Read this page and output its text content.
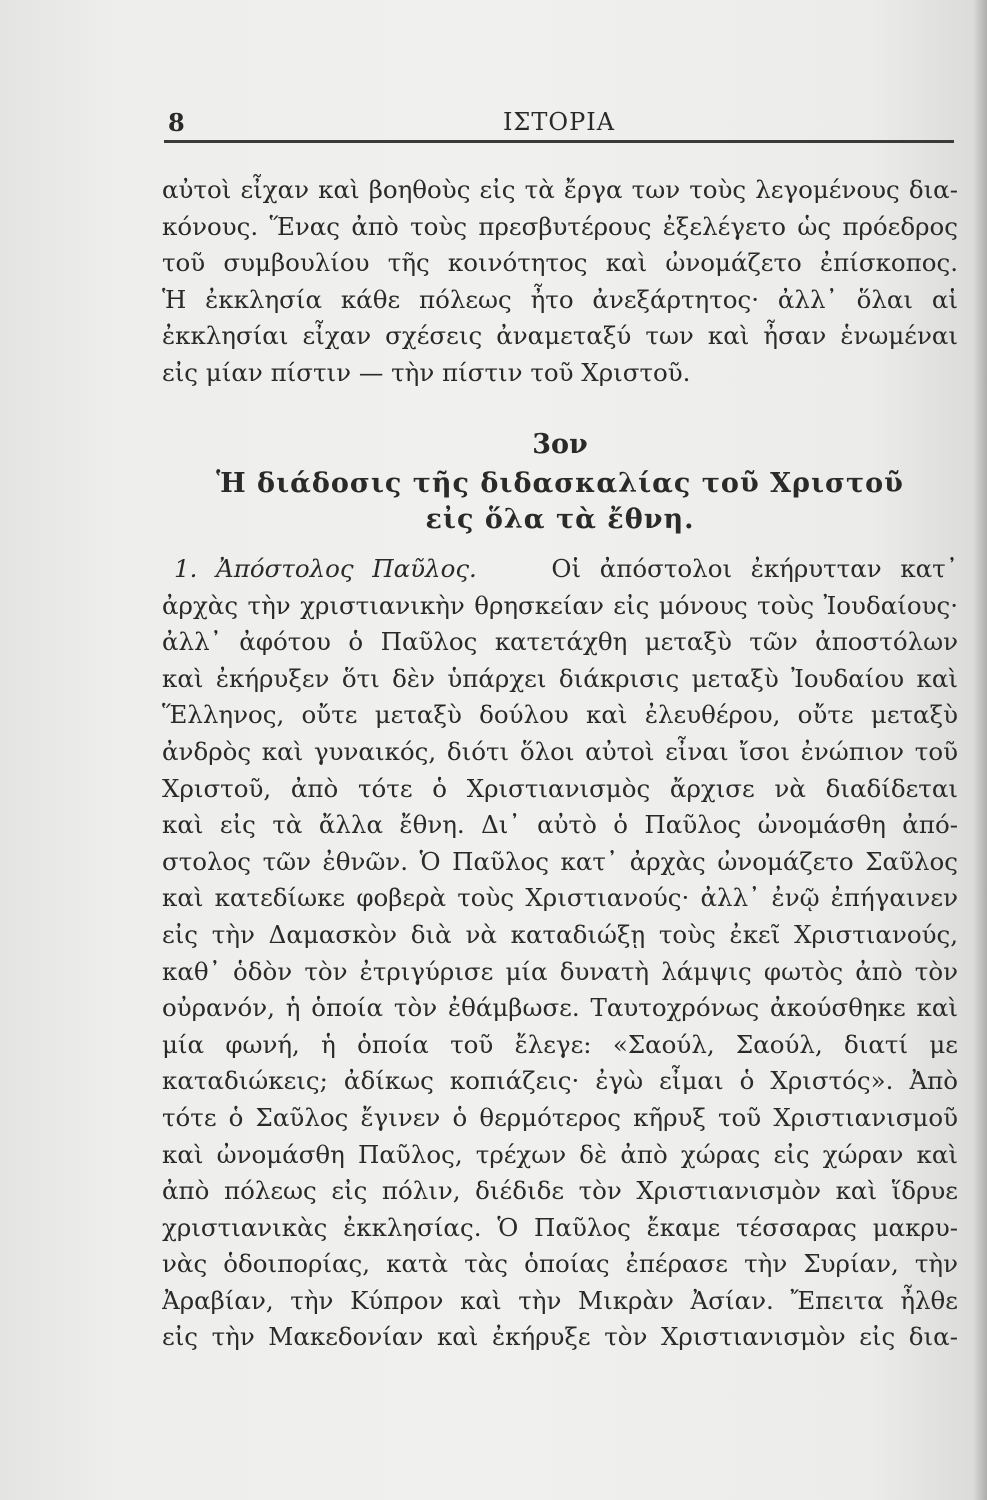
8	ΙΣΤΟΡΙΑ
αὐτοὶ εἶχαν καὶ βοηθοὺς εἰς τὰ ἔργα των τοὺς λεγομένους δια-
κόνους. Ἕνας ἀπὸ τοὺς πρεσβυτέρους ἐξελέγετο ὡς πρόεδρος
τοῦ συμβουλίου τῆς κοινότητος καὶ ὠνομάζετο ἐπίσκοπος.
Ἡ ἐκκλησία κάθε πόλεως ἦτο ἀνεξάρτητος· ἀλλ᾽ ὅλαι αἱ
ἐκκλησίαι εἶχαν σχέσεις ἀναμεταξύ των καὶ ἦσαν ἑνωμέναι
εἰς μίαν πίστιν — τὴν πίστιν τοῦ Χριστοῦ.
3ον
Ἡ διάδοσις τῆς διδασκαλίας τοῦ Χριστοῦ
εἰς ὅλα τὰ ἔθνη.
1. Ἀπόστολος Παῦλος.	Οἱ ἀπόστολοι ἐκήρυτταν κατ᾽
ἀρχὰς τὴν χριστιανικὴν θρησκείαν εἰς μόνους τοὺς Ἰουδαίους·
ἀλλ᾽ ἀφότου ὁ Παῦλος κατετάχθη μεταξὺ τῶν ἀποστόλων
καὶ ἐκήρυξεν ὅτι δὲν ὑπάρχει διάκρισις μεταξὺ Ἰουδαίου καὶ
Ἕλληνος, οὔτε μεταξὺ δούλου καὶ ἐλευθέρου, οὔτε μεταξὺ
ἀνδρὸς καὶ γυναικός, διότι ὅλοι αὐτοὶ εἶναι ἴσοι ἐνώπιον τοῦ
Χριστοῦ, ἀπὸ τότε ὁ Χριστιανισμὸς ἄρχισε νὰ διαδίδεται
καὶ εἰς τὰ ἄλλα ἔθνη. Δι᾽ αὐτὸ ὁ Παῦλος ὠνομάσθη ἀπό-
στολος τῶν ἐθνῶν. Ὁ Παῦλος κατ᾽ ἀρχὰς ὠνομάζετο Σαῦλος
καὶ κατεδίωκε φοβερὰ τοὺς Χριστιανούς· ἀλλ᾽ ἐνῷ ἐπήγαινεν
εἰς τὴν Δαμασκὸν διὰ νὰ καταδιώξῃ τοὺς ἐκεῖ Χριστιανούς,
καθ᾽ ὁδὸν τὸν ἐτριγύρισε μία δυνατὴ λάμψις φωτὸς ἀπὸ τὸν
οὐρανόν, ἡ ὁποία τὸν ἐθάμβωσε. Ταυτοχρόνως ἀκούσθηκε καὶ
μία φωνή, ἡ ὁποία τοῦ ἔλεγε: «Σαούλ, Σαούλ, διατί με
καταδιώκεις; ἀδίκως κοπιάζεις· ἐγὼ εἶμαι ὁ Χριστός». Ἀπὸ
τότε ὁ Σαῦλος ἔγινεν ὁ θερμότερος κῆρυξ τοῦ Χριστιανισμοῦ
καὶ ὠνομάσθη Παῦλος, τρέχων δὲ ἀπὸ χώρας εἰς χώραν καὶ
ἀπὸ πόλεως εἰς πόλιν, διέδιδε τὸν Χριστιανισμὸν καὶ ἵδρυε
χριστιανικὰς ἐκκλησίας. Ὁ Παῦλος ἔκαμε τέσσαρας μακρυ-
νὰς ὁδοιπορίας, κατὰ τὰς ὁποίας ἐπέρασε τὴν Συρίαν, τὴν
Ἀραβίαν, τὴν Κύπρον καὶ τὴν Μικρὰν Ἀσίαν. Ἔπειτα ἦλθε
εἰς τὴν Μακεδονίαν καὶ ἐκήρυξε τὸν Χριστιανισμὸν εἰς δια-
